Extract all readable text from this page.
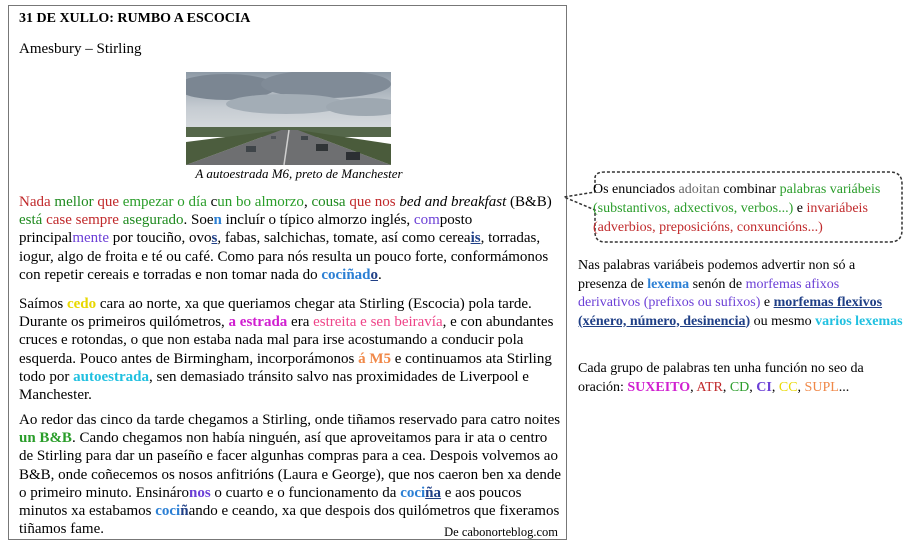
31 DE XULLO: RUMBO A ESCOCIA
Amesbury – Stirling
A autoestrada M6, preto de Manchester
Nada mellor que empezar o día cun bo almorzo, cousa que nos bed and breakfast (B&B) está case sempre asegurado. Soen incluír o típico almorzo inglés, composto principalmente por touciño, ovos, fabas, salchichas, tomate, así como cereais, torradas, iogur, algo de froita e té ou café. Como para nós resulta un pouco forte, conformámonos con repetir cereais e torradas e non tomar nada do cociñado.
Saímos cedo cara ao norte, xa que queriamos chegar ata Stirling (Escocia) pola tarde. Durante os primeiros quilómetros, a estrada era estreita e sen beiravía, e con abundantes cruces e rotondas, o que non estaba nada mal para irse acostumando a conducir pola esquerda. Pouco antes de Birmingham, incorporámonos á M5 e continuamos ata Stirling todo por autoestrada, sen demasiado tránsito salvo nas proximidades de Liverpool e Manchester.
Ao redor das cinco da tarde chegamos a Stirling, onde tiñamos reservado para catro noites un B&B. Cando chegamos non había ninguén, así que aproveitamos para ir ata o centro de Stirling para dar un paseíño e facer algunhas compras para a cea. Despois volvemos ao B&B, onde coñecemos os nosos anfitrións (Laura e George), que nos caeron ben xa dende o primeiro minuto. Ensináronos o cuarto e o funcionamento da cociña e aos poucos minutos xa estabamos cociñando e ceando, xa que despois dos quilómetros que fixeramos tiñamos fame.	De cabonorteblog.com
Os enunciados adoitan combinar palabras variábeis (substantivos, adxectivos, verbos...) e invariábeis (adverbios, preposicións, conxuncións...)
Nas palabras variábeis podemos advertir non só a presenza de lexema senón de morfemas afixos derivativos (prefixos ou sufixos) e morfemas flexivos (xénero, número, desinencia) ou mesmo varios lexemas
Cada grupo de palabras ten unha función no seo da oración: SUXEITO, ATR, CD, CI, CC, SUPL...
